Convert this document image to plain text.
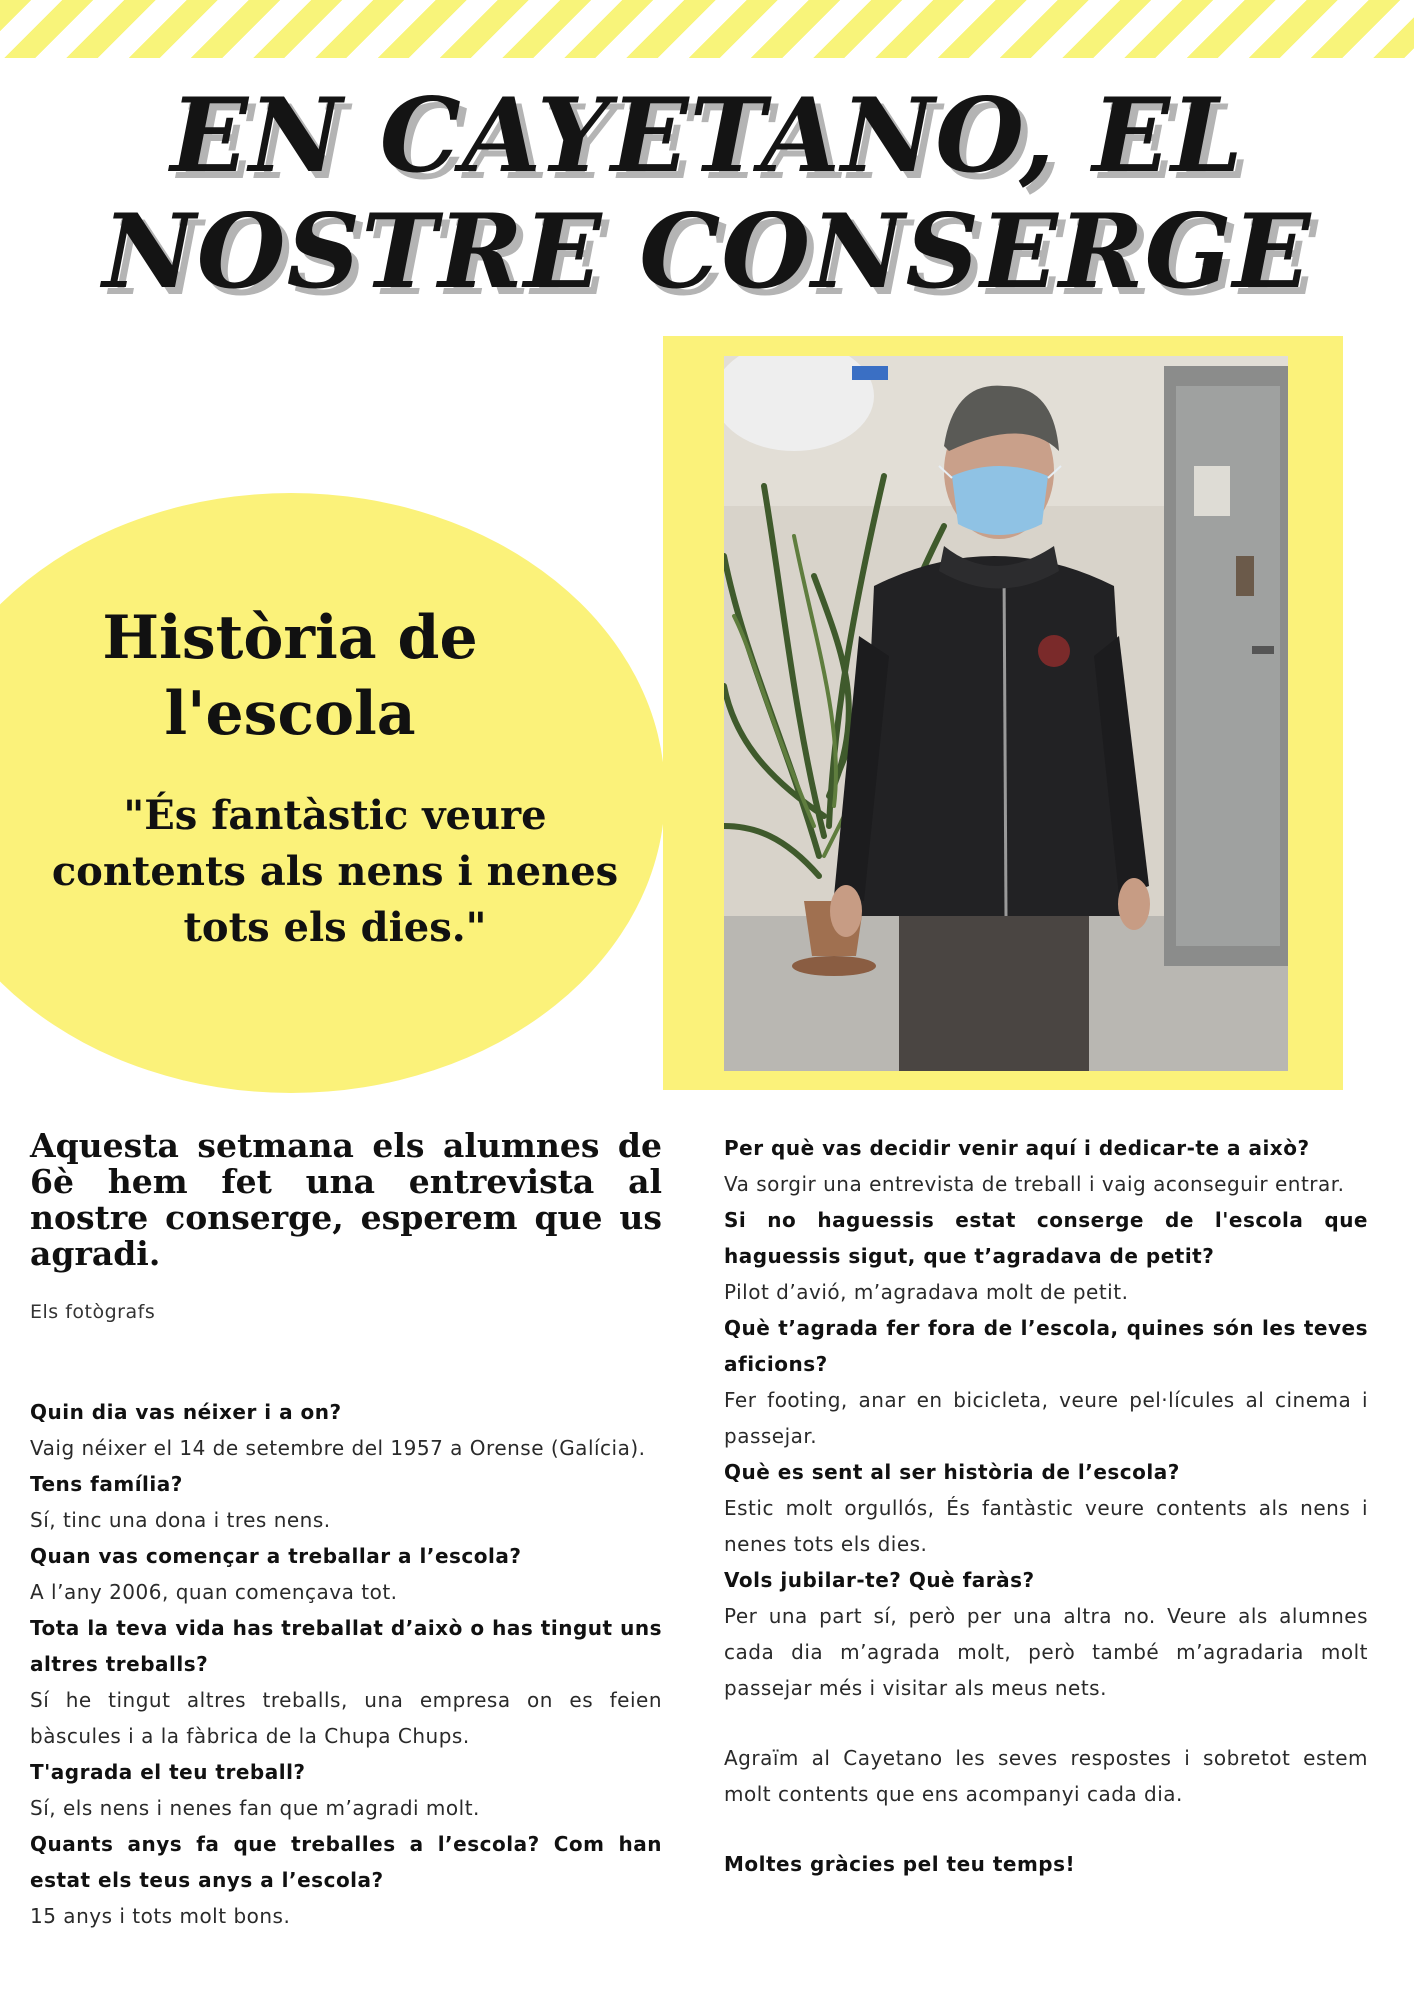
EN CAYETANO, EL NOSTRE CONSERGE
Història de l'escola

"És fantàstic veure contents als nens i nenes tots els dies."

Aquesta setmana els alumnes de 6è hem fet una entrevista al nostre conserge, esperem que us agradi.

Els fotògrafs

Quin dia vas néixer i a on?

Vaig néixer el 14 de setembre del 1957 a Orense (Galícia).

Tens família?

Sí, tinc una dona i tres nens.

Quan vas començar a treballar a l’escola?

A l’any 2006, quan començava tot.

Tota la teva vida has treballat d’això o has tingut uns altres treballs?

Sí he tingut altres treballs, una empresa on es feien bàscules i a la fàbrica de la Chupa Chups.

T'agrada el teu treball?

Sí, els nens i nenes fan que m’agradi molt.

Quants anys fa que treballes a l’escola? Com han estat els teus anys a l’escola?

15 anys i tots molt bons.

Per què vas decidir venir aquí i dedicar-te a això?

Va sorgir una entrevista de treball i vaig aconseguir entrar.

Si no haguessis estat conserge de l'escola que haguessis sigut, que t’agradava de petit?

Pilot d’avió, m’agradava molt de petit.

Què t’agrada fer fora de l’escola, quines són les teves aficions?

Fer footing, anar en bicicleta, veure pel·lícules al cinema i passejar.

Què es sent al ser història de l’escola?

Estic molt orgullós, És fantàstic veure contents als nens i nenes tots els dies.

Vols jubilar-te? Què faràs?

Per una part sí, però per una altra no. Veure als alumnes cada dia m’agrada molt, però també m’agradaria molt passejar més i visitar als meus nets.

Agraïm al Cayetano les seves respostes i sobretot estem molt contents que ens acompanyi cada dia.

Moltes gràcies pel teu temps!
